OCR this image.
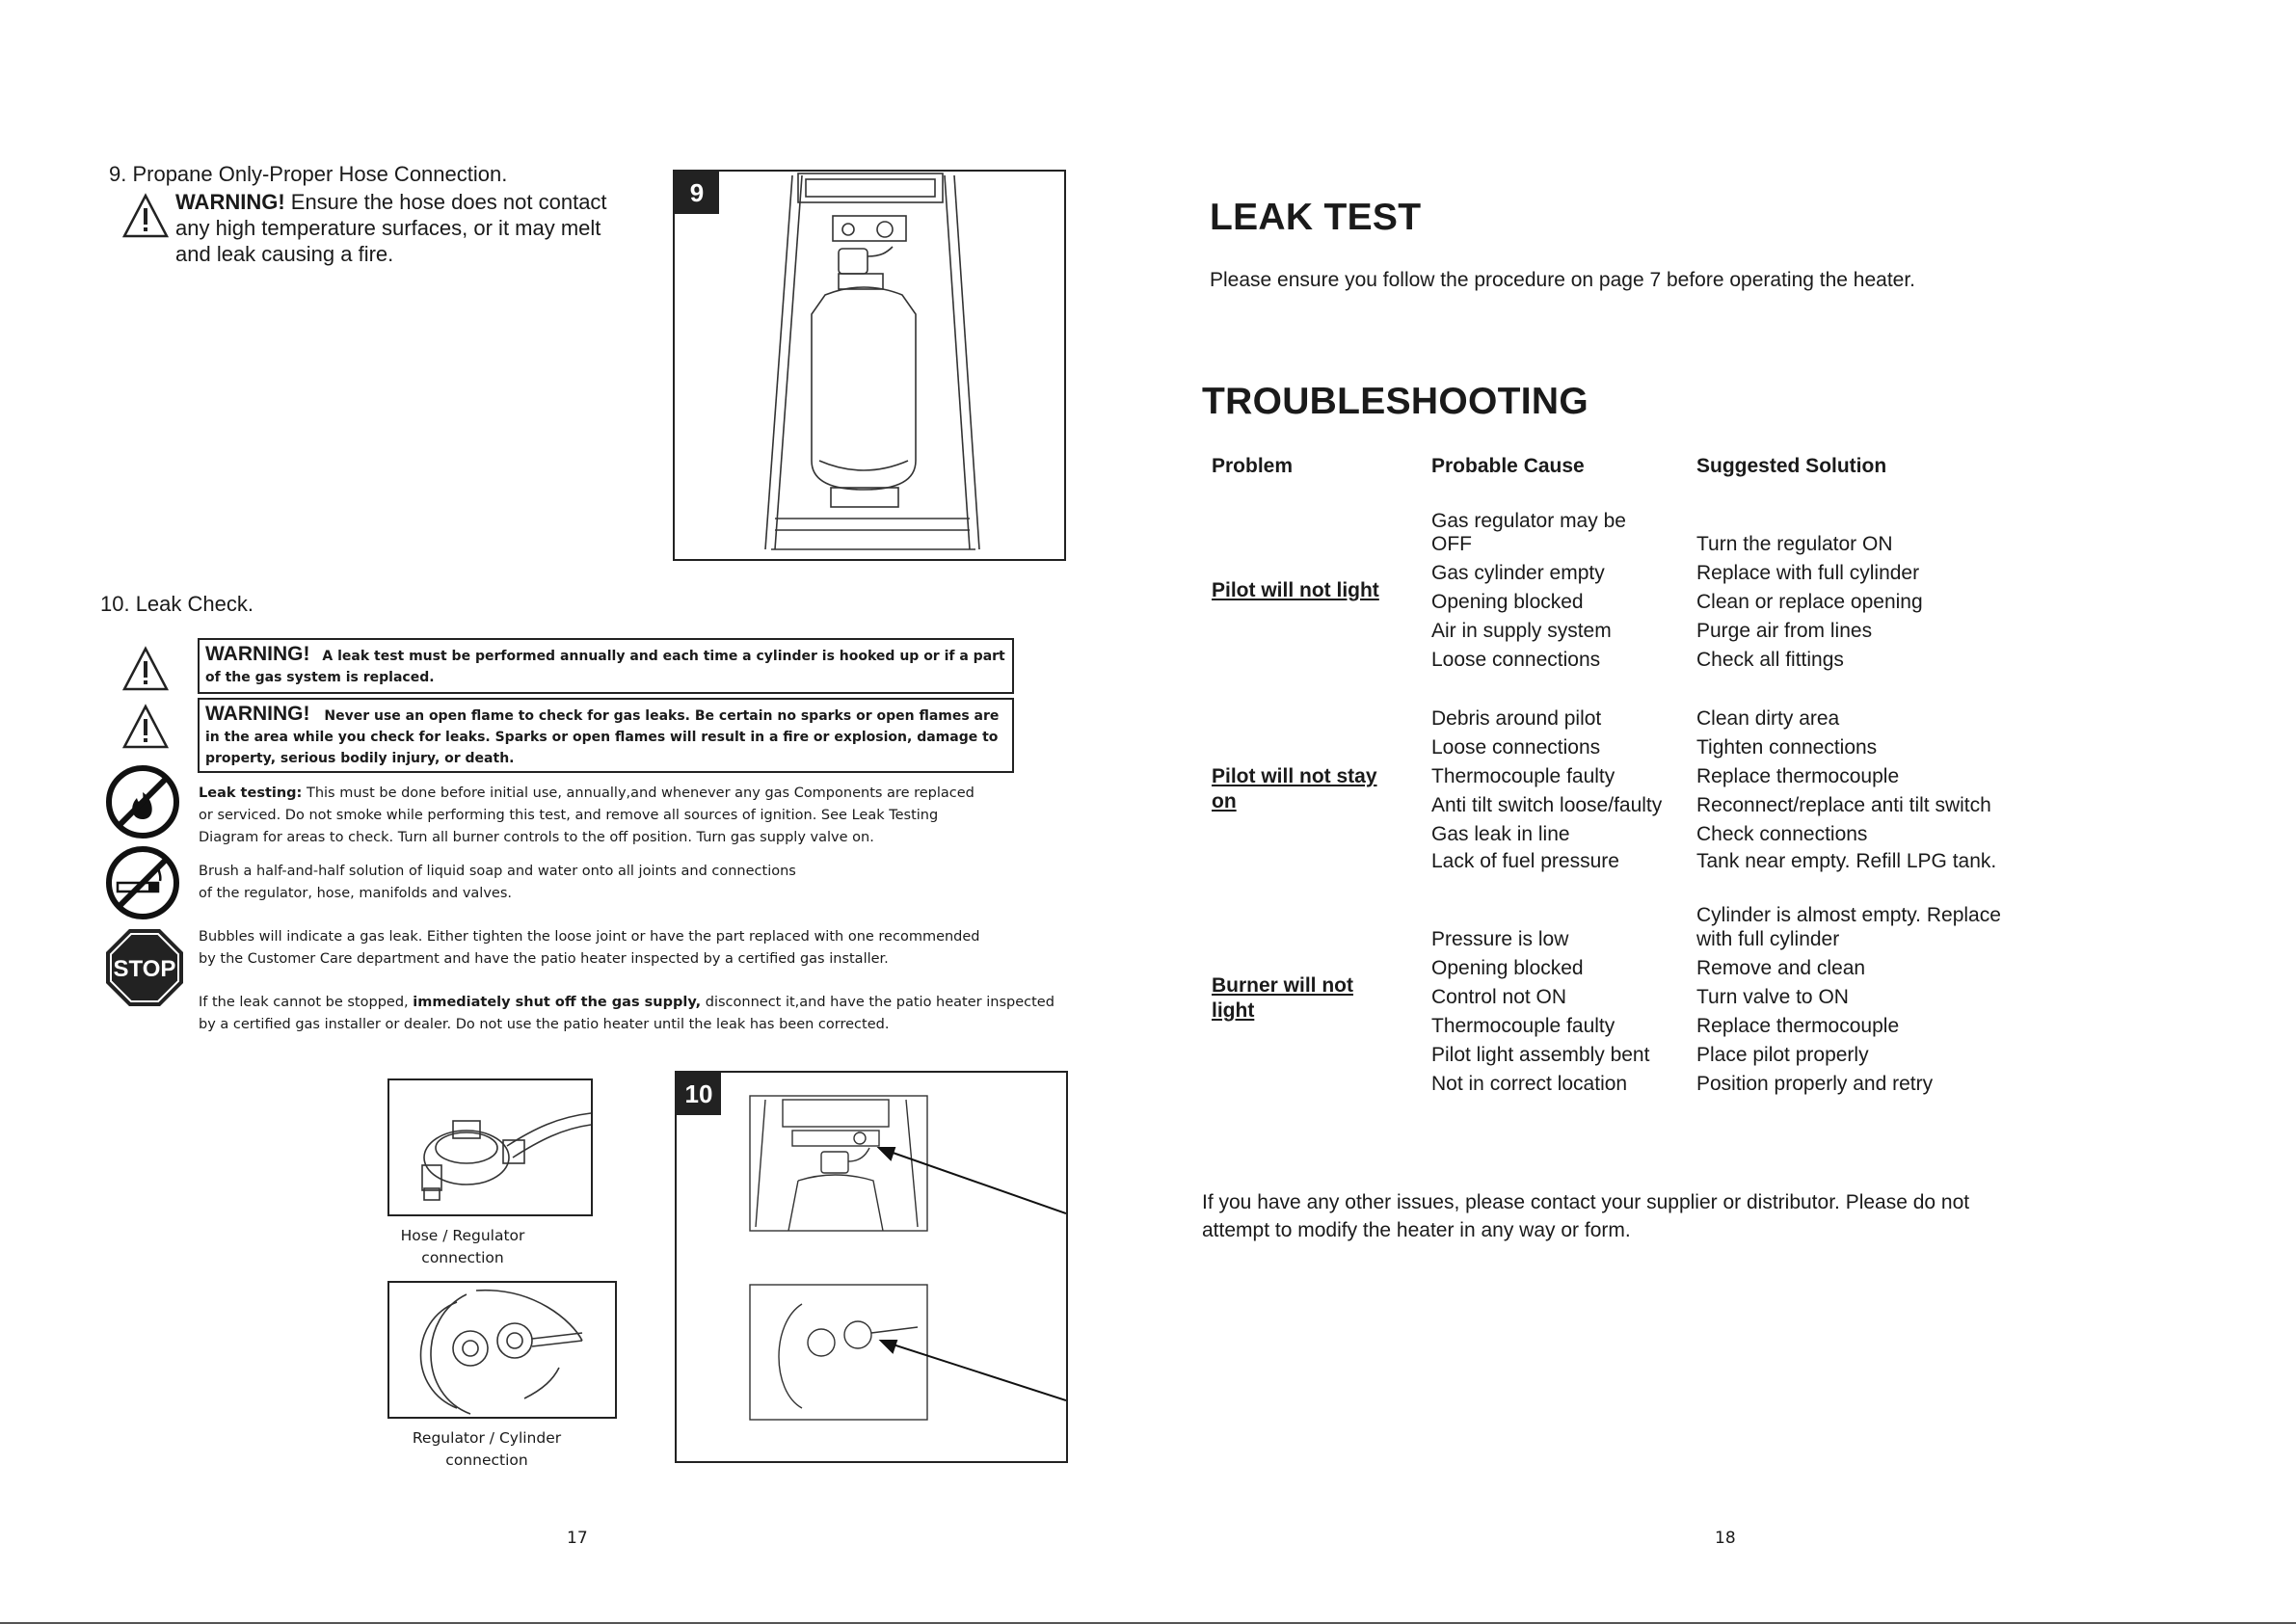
9. Propane Only-Proper Hose Connection.
WARNING! Ensure the hose does not contact
any high temperature surfaces, or it may melt
and leak causing a fire.
9
10. Leak Check.
WARNING! A leak test must be performed annually and each time a cylinder is hooked up or if a part
of the gas system is replaced.
WARNING! Never use an open flame to check for gas leaks. Be certain no sparks or open flames are
in the area while you check for leaks. Sparks or open flames will result in a fire or explosion, damage to
property, serious bodily injury, or death.
Leak testing: This must be done before initial use, annually,and whenever any gas Components are replaced
or serviced. Do not smoke while performing this test, and remove all sources of ignition. See Leak Testing
Diagram for areas to check. Turn all burner controls to the off position. Turn gas supply valve on.
Brush a half-and-half solution of liquid soap and water onto all joints and connections
of the regulator, hose, manifolds and valves.
STOP
Bubbles will indicate a gas leak. Either tighten the loose joint or have the part replaced with one recommended
by the Customer Care department and have the patio heater inspected by a certified gas installer.
If the leak cannot be stopped, immediately shut off the gas supply, disconnect it,and have the patio heater inspected
by a certified gas installer or dealer. Do not use the patio heater until the leak has been corrected.
Hose / Regulator
connection
Regulator / Cylinder
connection
10
17
LEAK TEST
Please ensure you follow the procedure on page 7 before operating the heater.
TROUBLESHOOTING
Problem	Probable Cause	Suggested Solution
Pilot will not light
Gas regulator may be
OFF
Gas cylinder empty
Opening blocked
Air in supply system
Loose connections
Turn the regulator ON
Replace with full cylinder
Clean or replace opening
Purge air from lines
Check all fittings
Pilot will not stay
on
Debris around pilot
Loose connections
Thermocouple faulty
Anti tilt switch loose/faulty
Gas leak in line
Lack of fuel pressure
Clean dirty area
Tighten connections
Replace thermocouple
Reconnect/replace anti tilt switch
Check connections
Tank near empty. Refill LPG tank.
Burner will not
light
Pressure is low
Opening blocked
Control not ON
Thermocouple faulty
Pilot light assembly bent
Not in correct location
Cylinder is almost empty. Replace
with full cylinder
Remove and clean
Turn valve to ON
Replace thermocouple
Place pilot properly
Position properly and retry
If you have any other issues, please contact your supplier or distributor. Please do not
attempt to modify the heater in any way or form.
18
